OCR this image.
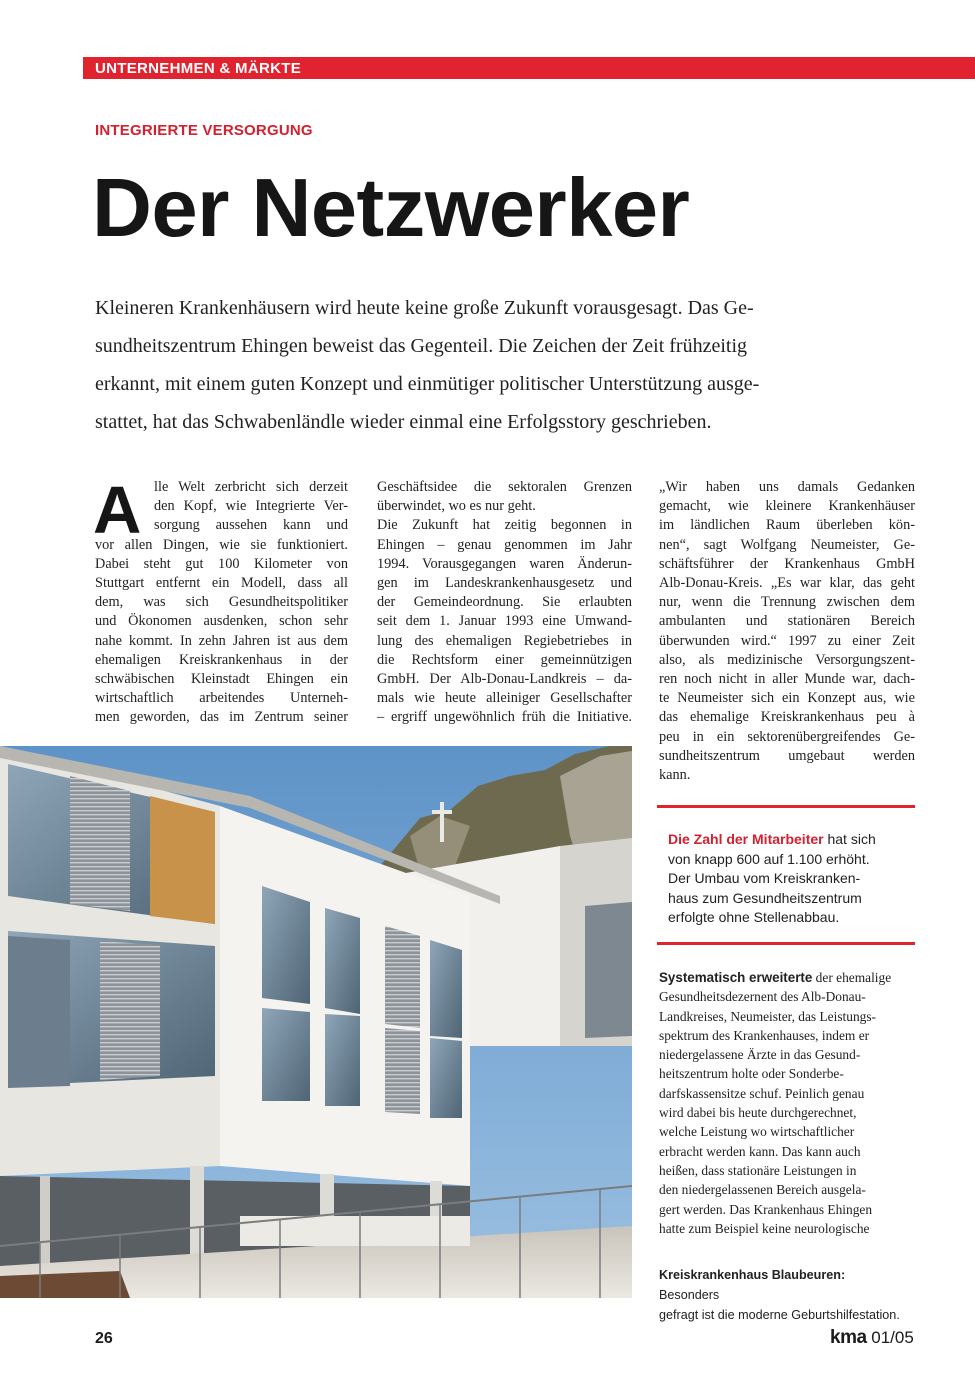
UNTERNEHMEN & MÄRKTE
INTEGRIERTE VERSORGUNG
Der Netzwerker
Kleineren Krankenhäusern wird heute keine große Zukunft vorausgesagt. Das Ge-
sundheitszentrum Ehingen beweist das Gegenteil. Die Zeichen der Zeit frühzeitig
erkannt, mit einem guten Konzept und einmütiger politischer Unterstützung ausge-
stattet, hat das Schwabenländle wieder einmal eine Erfolgsstory geschrieben.
A lle Welt zerbricht sich derzeit
den Kopf, wie Integrierte Ver-
sorgung aussehen kann und
vor allen Dingen, wie sie funktioniert.
Dabei steht gut 100 Kilometer von
Stuttgart entfernt ein Modell, dass all
dem, was sich Gesundheitspolitiker
und Ökonomen ausdenken, schon sehr
nahe kommt. In zehn Jahren ist aus dem
ehemaligen Kreiskrankenhaus in der
schwäbischen Kleinstadt Ehingen ein
wirtschaftlich arbeitendes Unterneh-
men geworden, das im Zentrum seiner
Geschäftsidee die sektoralen Grenzen
überwindet, wo es nur geht.
Die Zukunft hat zeitig begonnen in
Ehingen – genau genommen im Jahr
1994. Vorausgegangen waren Änderun-
gen im Landeskrankenhausgesetz und
der Gemeindeordnung. Sie erlaubten
seit dem 1. Januar 1993 eine Umwand-
lung des ehemaligen Regiebetriebes in
die Rechtsform einer gemeinnützigen
GmbH. Der Alb-Donau-Landkreis – da-
mals wie heute alleiniger Gesellschafter
– ergriff ungewöhnlich früh die Initiative.
„Wir haben uns damals Gedanken
gemacht, wie kleinere Krankenhäuser
im ländlichen Raum überleben kön-
nen“, sagt Wolfgang Neumeister, Ge-
schäftsführer der Krankenhaus GmbH
Alb-Donau-Kreis. „Es war klar, das geht
nur, wenn die Trennung zwischen dem
ambulanten und stationären Bereich
überwunden wird.“ 1997 zu einer Zeit
also, als medizinische Versorgungszent-
ren noch nicht in aller Munde war, dach-
te Neumeister sich ein Konzept aus, wie
das ehemalige Kreiskrankenhaus peu à
peu in ein sektorenübergreifendes Ge-
sundheitszentrum umgebaut werden
kann.
Die Zahl der Mitarbeiter hat sich
von knapp 600 auf 1.100 erhöht.
Der Umbau vom Kreiskranken-
haus zum Gesundheitszentrum
erfolgte ohne Stellenabbau.
Systematisch erweiterte der ehemalige
Gesundheitsdezernent des Alb-Donau-
Landkreises, Neumeister, das Leistungs-
spektrum des Krankenhauses, indem er
niedergelassene Ärzte in das Gesund-
heitszentrum holte oder Sonderbe-
darfskassensitze schuf. Peinlich genau
wird dabei bis heute durchgerechnet,
welche Leistung wo wirtschaftlicher
erbracht werden kann. Das kann auch
heißen, dass stationäre Leistungen in
den niedergelassenen Bereich ausgela-
gert werden. Das Krankenhaus Ehingen
hatte zum Beispiel keine neurologische
Kreiskrankenhaus Blaubeuren:
Besonders
gefragt ist die moderne Geburtshilfestation.
26	kma 01/05
